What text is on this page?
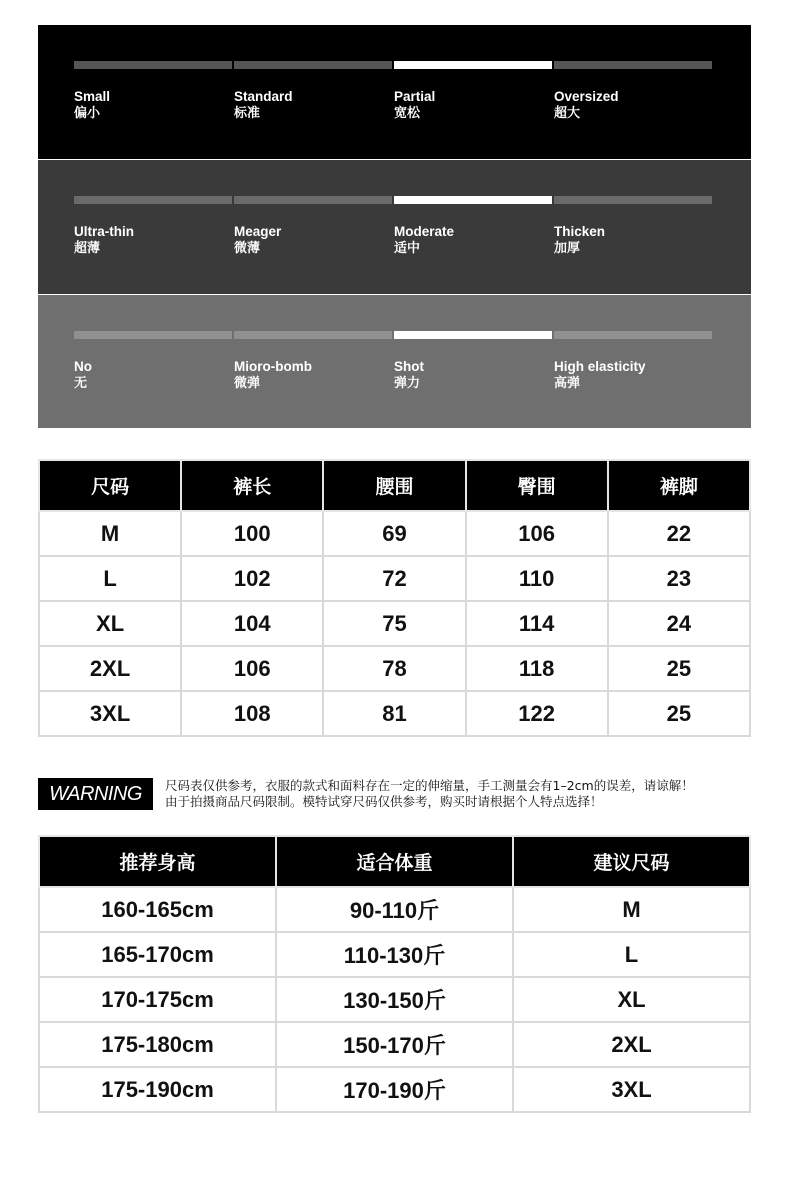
Small
偏小
Standard
标准
Partial
宽松
Oversized
超大
Ultra-thin
超薄
Meager
微薄
Moderate
适中
Thicken
加厚
No
无
Mioro-bomb
微弹
Shot
弹力
High elasticity
高弹
尺码	裤长	腰围	臀围	裤脚
M	100	69	106	22
L	102	72	110	23
XL	104	75	114	24
2XL	106	78	118	25
3XL	108	81	122	25
WARNING	尺码表仅供参考，衣服的款式和面料存在一定的伸缩量，手工测量会有1–2cm的误差，请谅解！
由于拍摄商品尺码限制。模特试穿尺码仅供参考，购买时请根据个人特点选择！
推荐身高	适合体重	建议尺码
160-165cm	90-110斤	M
165-170cm	110-130斤	L
170-175cm	130-150斤	XL
175-180cm	150-170斤	2XL
175-190cm	170-190斤	3XL
